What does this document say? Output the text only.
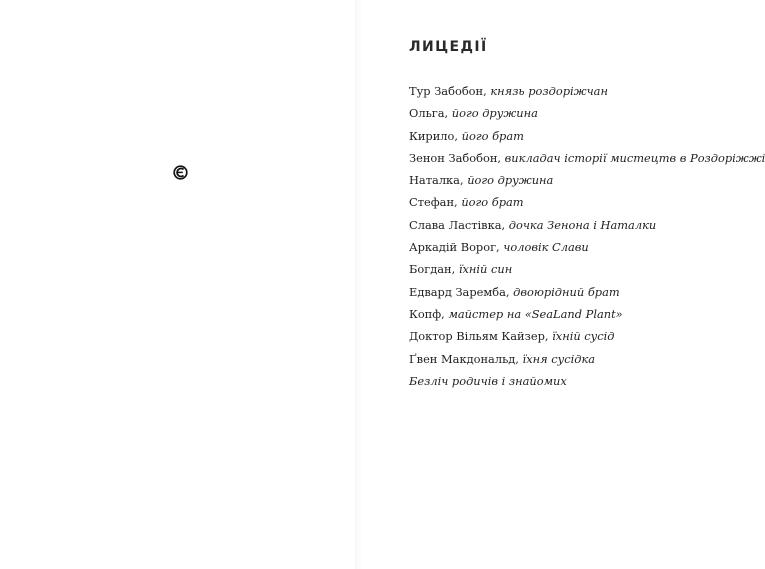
ЛИЦЕДІЇ
Тур Забобон, князь роздоріжчан
Ольга, його дружина
Кирило, його брат
Зенон Забобон, викладач історії мистецтв в Роздоріжжі
Наталка, його дружина
Стефан, його брат
Слава Ластівка, дочка Зенона і Наталки
Аркадій Ворог, чоловік Слави
Богдан, їхній син
Едвард Заремба, двоюрідний брат
Копф, майстер на «SeaLand Plant»
Доктор Вільям Кайзер, їхній сусід
Ґвен Макдональд, їхня сусідка
Безліч родичів і знайомих
